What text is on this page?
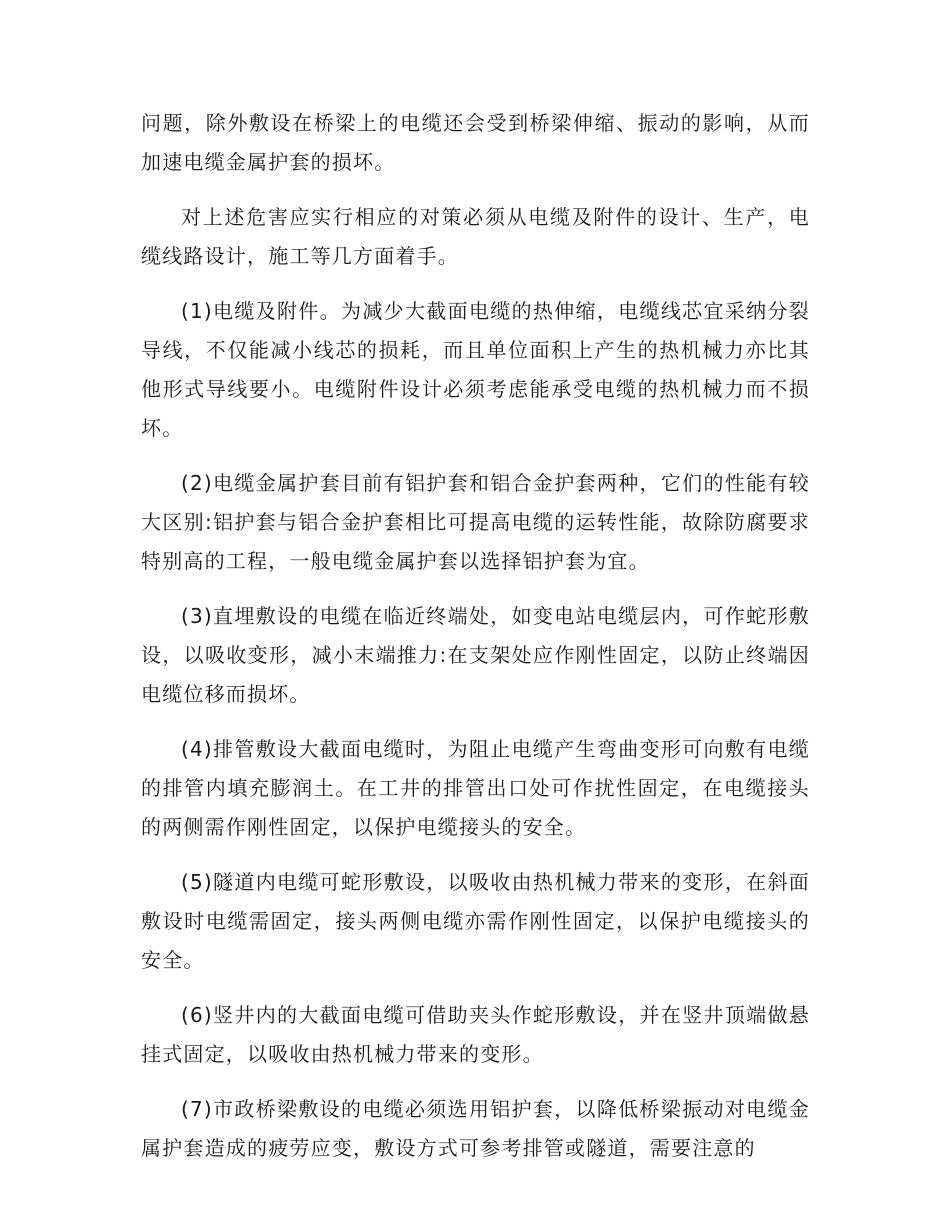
问题，除外敷设在桥梁上的电缆还会受到桥梁伸缩、振动的影响，从而加速电缆金属护套的损坏。

对上述危害应实行相应的对策必须从电缆及附件的设计、生产，电缆线路设计，施工等几方面着手。

(1)电缆及附件。为减少大截面电缆的热伸缩，电缆线芯宜采纳分裂导线，不仅能减小线芯的损耗，而且单位面积上产生的热机械力亦比其他形式导线要小。电缆附件设计必须考虑能承受电缆的热机械力而不损坏。

(2)电缆金属护套目前有铝护套和铝合金护套两种，它们的性能有较大区别:铝护套与铝合金护套相比可提高电缆的运转性能，故除防腐要求特别高的工程，一般电缆金属护套以选择铝护套为宜。

(3)直埋敷设的电缆在临近终端处，如变电站电缆层内，可作蛇形敷设，以吸收变形，减小末端推力:在支架处应作刚性固定，以防止终端因电缆位移而损坏。

(4)排管敷设大截面电缆时，为阻止电缆产生弯曲变形可向敷有电缆的排管内填充膨润土。在工井的排管出口处可作扰性固定，在电缆接头的两侧需作刚性固定，以保护电缆接头的安全。

(5)隧道内电缆可蛇形敷设，以吸收由热机械力带来的变形，在斜面敷设时电缆需固定，接头两侧电缆亦需作刚性固定，以保护电缆接头的安全。

(6)竖井内的大截面电缆可借助夹头作蛇形敷设，并在竖井顶端做悬挂式固定，以吸收由热机械力带来的变形。

(7)市政桥梁敷设的电缆必须选用铝护套，以降低桥梁振动对电缆金属护套造成的疲劳应变，敷设方式可参考排管或隧道，需要注意的
